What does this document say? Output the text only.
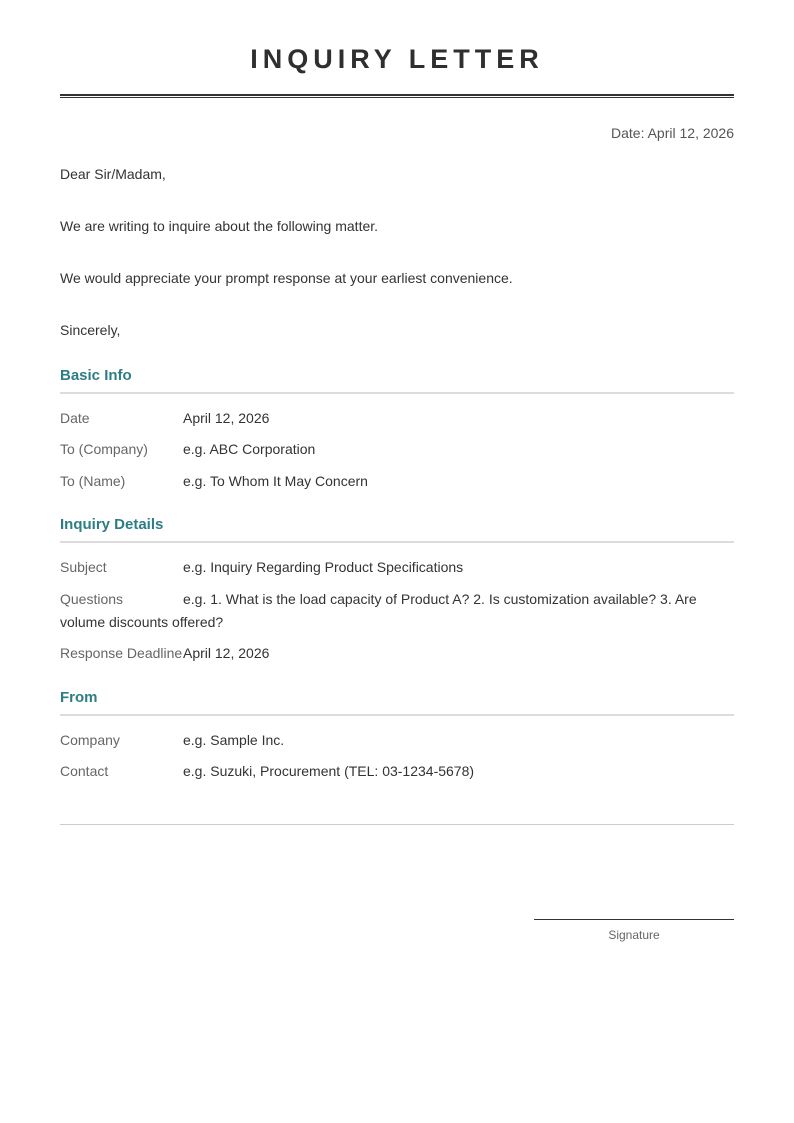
INQUIRY LETTER
Date: April 12, 2026
Dear Sir/Madam,
We are writing to inquire about the following matter.
We would appreciate your prompt response at your earliest convenience.
Sincerely,
Basic Info
Date	April 12, 2026
To (Company)	e.g. ABC Corporation
To (Name)	e.g. To Whom It May Concern
Inquiry Details
Subject	e.g. Inquiry Regarding Product Specifications
Questions	e.g. 1. What is the load capacity of Product A? 2. Is customization available? 3. Are volume discounts offered?
Response Deadline April 12, 2026
From
Company	e.g. Sample Inc.
Contact	e.g. Suzuki, Procurement (TEL: 03-1234-5678)
Signature
